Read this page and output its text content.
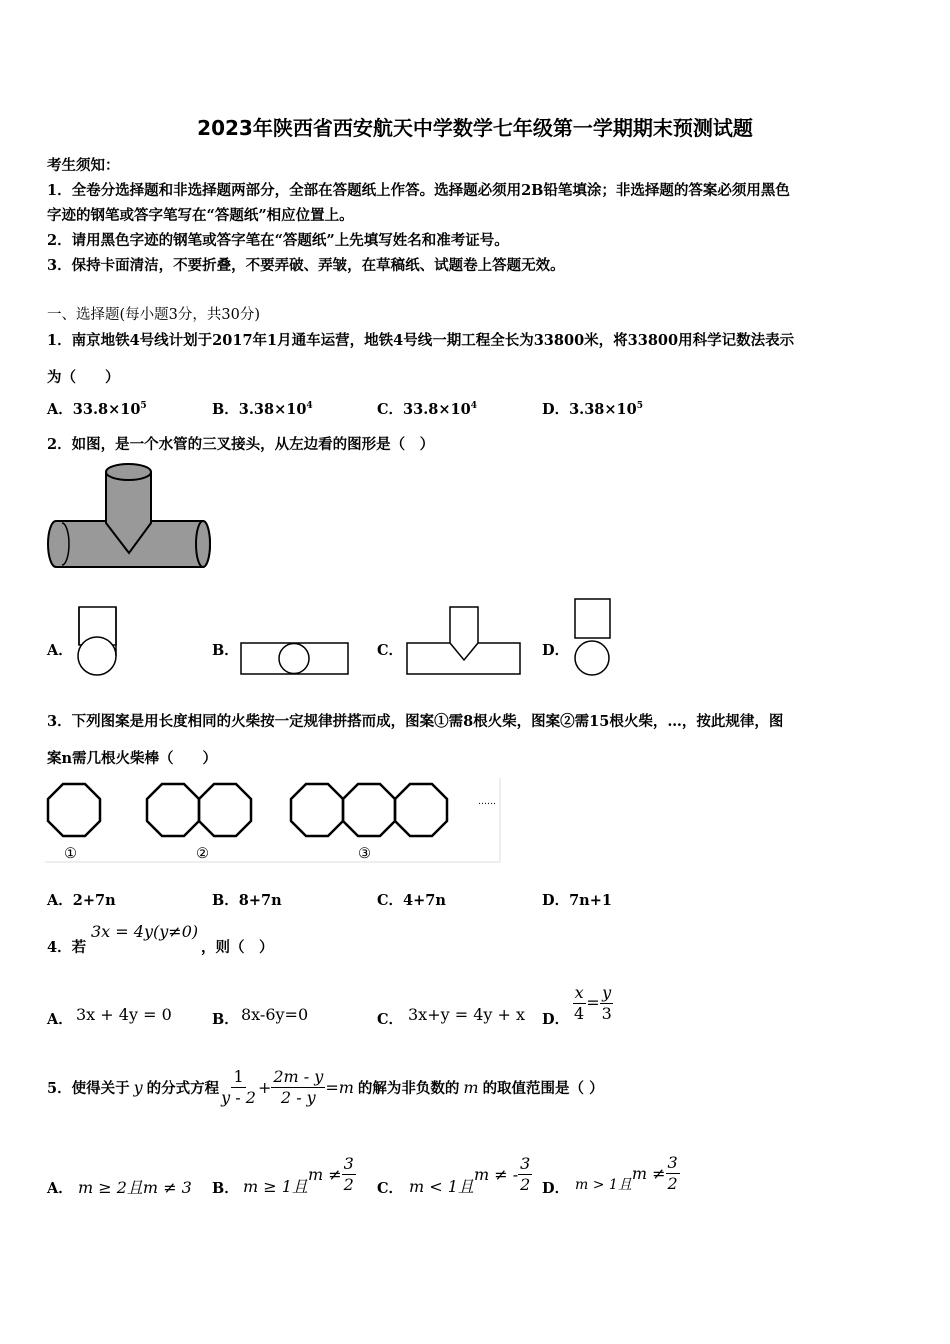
2023年陕西省西安航天中学数学七年级第一学期期末预测试题
考生须知：
1．全卷分选择题和非选择题两部分，全部在答题纸上作答。选择题必须用2B铅笔填涂；非选择题的答案必须用黑色
字迹的钢笔或答字笔写在“答题纸”相应位置上。
2．请用黑色字迹的钢笔或答字笔在“答题纸”上先填写姓名和准考证号。
3．保持卡面清洁，不要折叠，不要弄破、弄皱，在草稿纸、试题卷上答题无效。
一、选择题(每小题3分，共30分)
1．南京地铁4号线计划于2017年1月通车运营，地铁4号线一期工程全长为33800米，将33800用科学记数法表示
为（　　）
A．$33.8\times 10^5$	B．$3.38\times 10^4$	C．$33.8\times 10^4$	D．$3.38\times 10^5$
2．如图，是一个水管的三叉接头，从左边看的图形是（　）
A．	B．	C．	D．
3．下列图案是用长度相同的火柴按一定规律拼搭而成，图案①需8根火柴，图案②需15根火柴，…，按此规律，图
案n需几根火柴棒（　　）
①	②	③
……
A．2+7n	B．8+7n	C．4+7n	D．7n+1
4．若
3x = 4y(y≠0)
，则（　）
A． 3x + 4y = 0	B． 8x-6y=0	C． 3x+y = 4y + x D． $\frac{x}{4} = \frac{y}{3}$
5．使得关于 y 的分式方程 $\frac{1}{y - 2} + \frac{2m - y}{2 - y} =m$ 的解为非负数的 m 的取值范围是（ ）
A． m ≥ 2且m ≠ 3 B． m ≥ 1且
$m \ne \frac{3}{2}$ C． m < 1且
m ≠ - $\frac{3}{2}$ D． m > 1且
$m \ne \frac{3}{2}$
